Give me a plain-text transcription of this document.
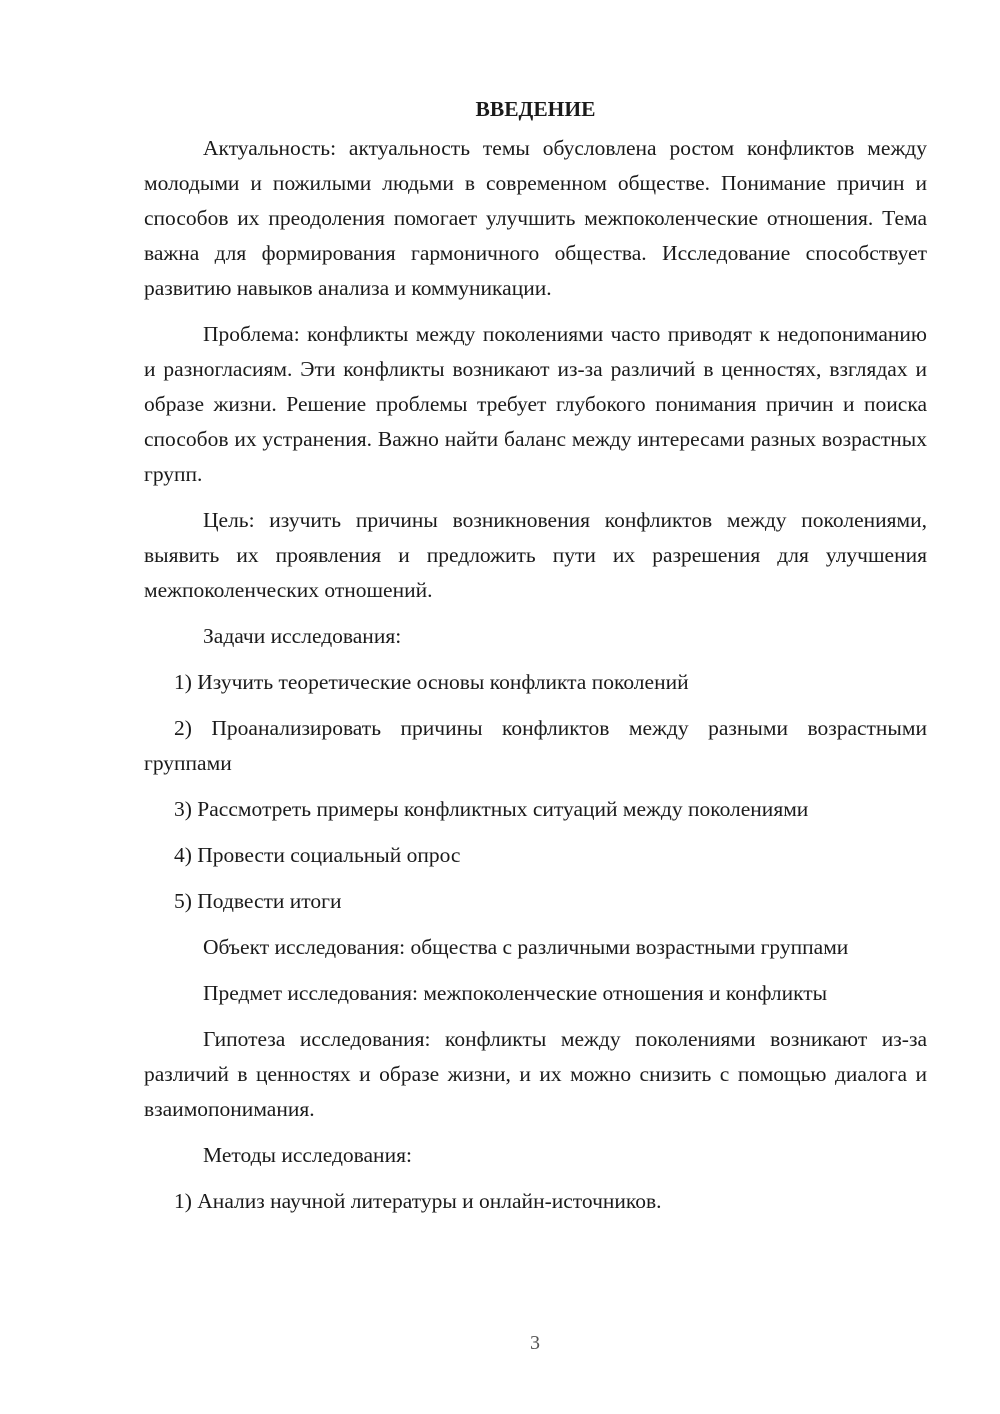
ВВЕДЕНИЕ

Актуальность: актуальность темы обусловлена ростом конфликтов между молодыми и пожилыми людьми в современном обществе. Понимание причин и способов их преодоления помогает улучшить межпоколенческие отношения. Тема важна для формирования гармоничного общества. Исследование способствует развитию навыков анализа и коммуникации.

Проблема: конфликты между поколениями часто приводят к недопониманию и разногласиям. Эти конфликты возникают из-за различий в ценностях, взглядах и образе жизни. Решение проблемы требует глубокого понимания причин и поиска способов их устранения. Важно найти баланс между интересами разных возрастных групп.

Цель: изучить причины возникновения конфликтов между поколениями, выявить их проявления и предложить пути их разрешения для улучшения межпоколенческих отношений.

Задачи исследования:

1) Изучить теоретические основы конфликта поколений

2) Проанализировать причины конфликтов между разными возрастными группами

3) Рассмотреть примеры конфликтных ситуаций между поколениями

4) Провести социальный опрос

5) Подвести итоги

Объект исследования: общества с различными возрастными группами

Предмет исследования: межпоколенческие отношения и конфликты

Гипотеза исследования: конфликты между поколениями возникают из-за различий в ценностях и образе жизни, и их можно снизить с помощью диалога и взаимопонимания.

Методы исследования:

1) Анализ научной литературы и онлайн-источников.

3
